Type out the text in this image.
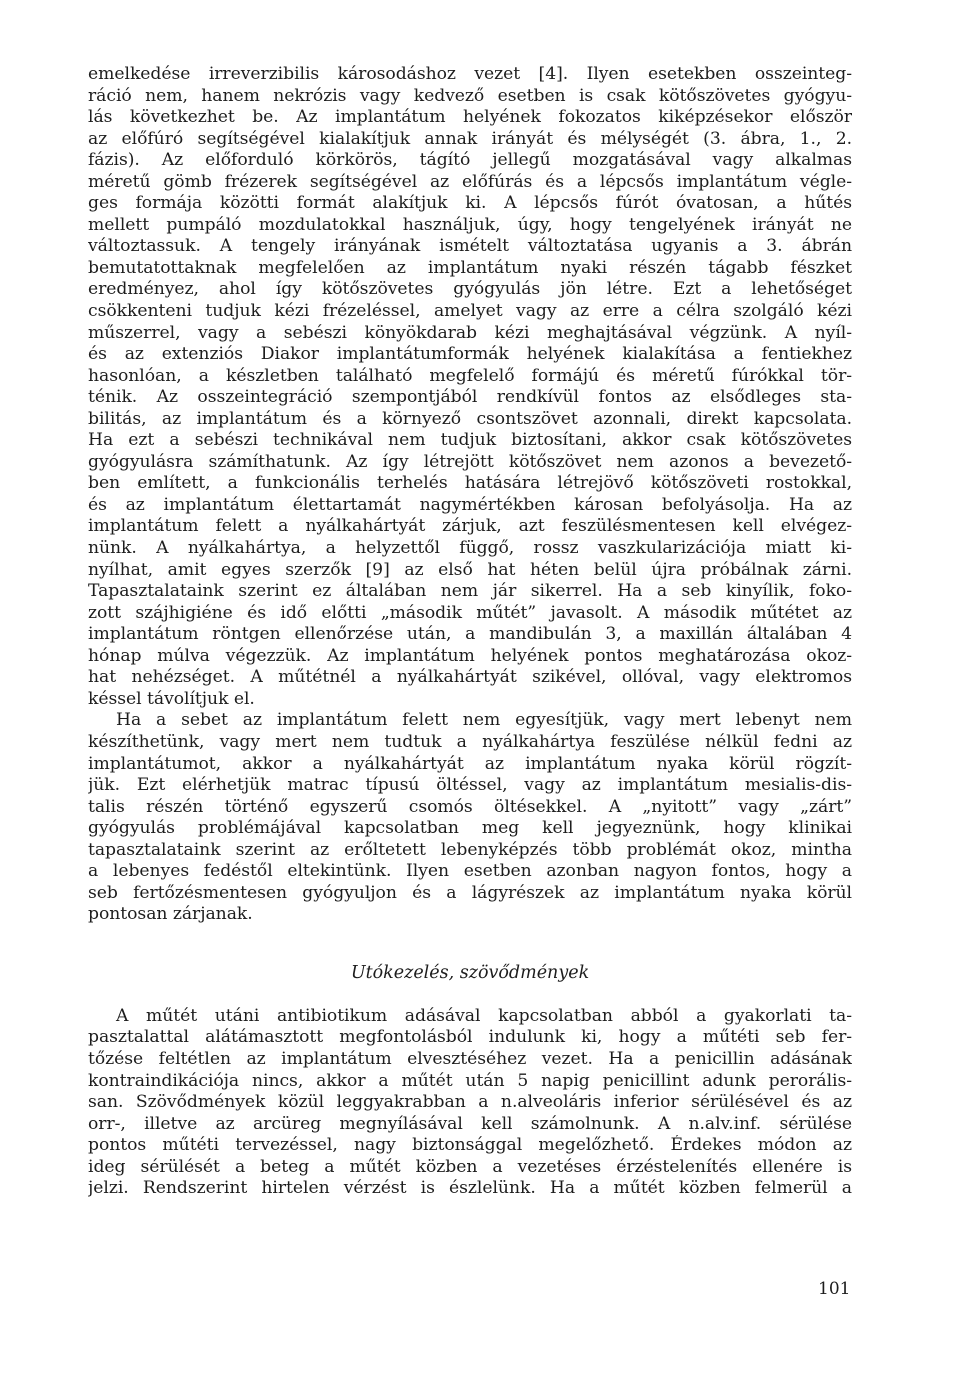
emelkedése irreverzibilis károsodáshoz vezet [4]. Ilyen esetekben osszeinteg-
ráció nem, hanem nekrózis vagy kedvező esetben is csak kötőszövetes gyógyu-
lás következhet be. Az implantátum helyének fokozatos kiképzésekor először
az előfúró segítségével kialakítjuk annak irányát és mélységét (3. ábra, 1., 2.
fázis). Az előforduló körkörös, tágító jellegű mozgatásával vagy alkalmas
méretű gömb frézerek segítségével az előfúrás és a lépcsős implantátum végle-
ges formája közötti formát alakítjuk ki. A lépcsős fúrót óvatosan, a hűtés
mellett pumpáló mozdulatokkal használjuk, úgy, hogy tengelyének irányát ne
változtassuk. A tengely irányának ismételt változtatása ugyanis a 3. ábrán
bemutatottaknak megfelelően az implantátum nyaki részén tágabb fészket
eredményez, ahol így kötőszövetes gyógyulás jön létre. Ezt a lehetőséget
csökkenteni tudjuk kézi frézeléssel, amelyet vagy az erre a célra szolgáló kézi
műszerrel, vagy a sebészi könyökdarab kézi meghajtásával végzünk. A nyíl-
és az extenziós Diakor implantátumformák helyének kialakítása a fentiekhez
hasonlóan, a készletben található megfelelő formájú és méretű fúrókkal tör-
ténik. Az osszeintegráció szempontjából rendkívül fontos az elsődleges sta-
bilitás, az implantátum és a környező csontszövet azonnali, direkt kapcsolata.
Ha ezt a sebészi technikával nem tudjuk biztosítani, akkor csak kötőszövetes
gyógyulásra számíthatunk. Az így létrejött kötőszövet nem azonos a bevezető-
ben említett, a funkcionális terhelés hatására létrejövő kötőszöveti rostokkal,
és az implantátum élettartamát nagymértékben károsan befolyásolja. Ha az
implantátum felett a nyálkahártyát zárjuk, azt feszülésmentesen kell elvégez-
nünk. A nyálkahártya, a helyzettől függő, rossz vaszkularizációja miatt ki-
nyílhat, amit egyes szerzők [9] az első hat héten belül újra próbálnak zárni.
Tapasztalataink szerint ez általában nem jár sikerrel. Ha a seb kinyílik, foko-
zott szájhigiéne és idő előtti „második műtét” javasolt. A második műtétet az
implantátum röntgen ellenőrzése után, a mandibulán 3, a maxillán általában 4
hónap múlva végezzük. Az implantátum helyének pontos meghatározása okoz-
hat nehézséget. A műtétnél a nyálkahártyát szikével, ollóval, vagy elektromos
késsel távolítjuk el.
Ha a sebet az implantátum felett nem egyesítjük, vagy mert lebenyt nem
készíthetünk, vagy mert nem tudtuk a nyálkahártya feszülése nélkül fedni az
implantátumot, akkor a nyálkahártyát az implantátum nyaka körül rögzít-
jük. Ezt elérhetjük matrac típusú öltéssel, vagy az implantátum mesialis-dis-
talis részén történő egyszerű csomós öltésekkel. A „nyitott” vagy „zárt”
gyógyulás problémájával kapcsolatban meg kell jegyeznünk, hogy klinikai
tapasztalataink szerint az erőltetett lebenyképzés több problémát okoz, mintha
a lebenyes fedéstől eltekintünk. Ilyen esetben azonban nagyon fontos, hogy a
seb fertőzésmentesen gyógyuljon és a lágyrészek az implantátum nyaka körül
pontosan zárjanak.
Utókezelés, szövődmények
A műtét utáni antibiotikum adásával kapcsolatban abból a gyakorlati ta-
pasztalattal alátámasztott megfontolásból indulunk ki, hogy a műtéti seb fer-
tőzése feltétlen az implantátum elvesztéséhez vezet. Ha a penicillin adásának
kontraindikációja nincs, akkor a műtét után 5 napig penicillint adunk perorális-
san. Szövődmények közül leggyakrabban a n.alveoláris inferior sérülésével és az
orr-, illetve az arcüreg megnyílásával kell számolnunk. A n.alv.inf. sérülése
pontos műtéti tervezéssel, nagy biztonsággal megelőzhető. Érdekes módon az
ideg sérülését a beteg a műtét közben a vezetéses érzéstelenítés ellenére is
jelzi. Rendszerint hirtelen vérzést is észlelünk. Ha a műtét közben felmerül a
101
